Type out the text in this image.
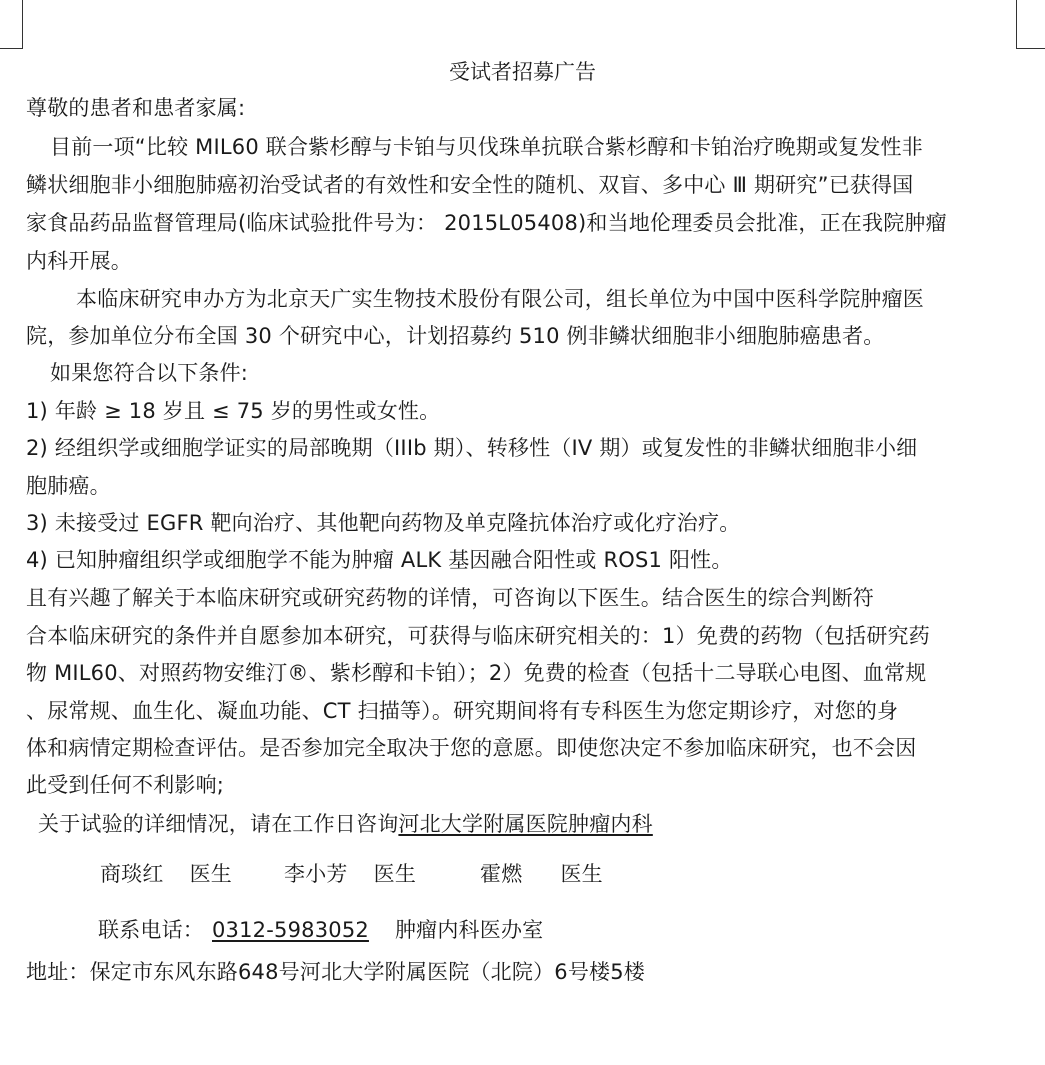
受试者招募广告
尊敬的患者和患者家属:
目前一项“比较 MIL60 联合紫杉醇与卡铂与贝伐珠单抗联合紫杉醇和卡铂治疗晚期或复发性非
鳞状细胞非小细胞肺癌初治受试者的有效性和安全性的随机、双盲、多中心 Ⅲ 期研究”已获得国
家食品药品监督管理局(临床试验批件号为： 2015L05408)和当地伦理委员会批准，正在我院肿瘤
内科开展。
本临床研究申办方为北京天广实生物技术股份有限公司，组长单位为中国中医科学院肿瘤医
院，参加单位分布全国 30 个研究中心，计划招募约 510 例非鳞状细胞非小细胞肺癌患者。
如果您符合以下条件:
1) 年龄 ≥ 18 岁且 ≤ 75 岁的男性或女性。
2) 经组织学或细胞学证实的局部晚期（IIIb 期）、转移性（IV 期）或复发性的非鳞状细胞非小细
胞肺癌。
3) 未接受过 EGFR 靶向治疗、其他靶向药物及单克隆抗体治疗或化疗治疗。
4) 已知肿瘤组织学或细胞学不能为肿瘤 ALK 基因融合阳性或 ROS1 阳性。
且有兴趣了解关于本临床研究或研究药物的详情，可咨询以下医生。结合医生的综合判断符
合本临床研究的条件并自愿参加本研究，可获得与临床研究相关的：1）免费的药物（包括研究药
物 MIL60、对照药物安维汀®、紫杉醇和卡铂）；2）免费的检查（包括十二导联心电图、血常规
、尿常规、血生化、凝血功能、CT 扫描等）。研究期间将有专科医生为您定期诊疗，对您的身
体和病情定期检查评估。是否参加完全取决于您的意愿。即使您决定不参加临床研究，也不会因
此受到任何不利影响;
关于试验的详细情况，请在工作日咨询河北大学附属医院肿瘤内科
商琰红 医生 李小芳 医生	霍燃 医生
联系电话： 0312-5983052 肿瘤内科医办室
地址：保定市东风东路648号河北大学附属医院（北院）6号楼5楼
